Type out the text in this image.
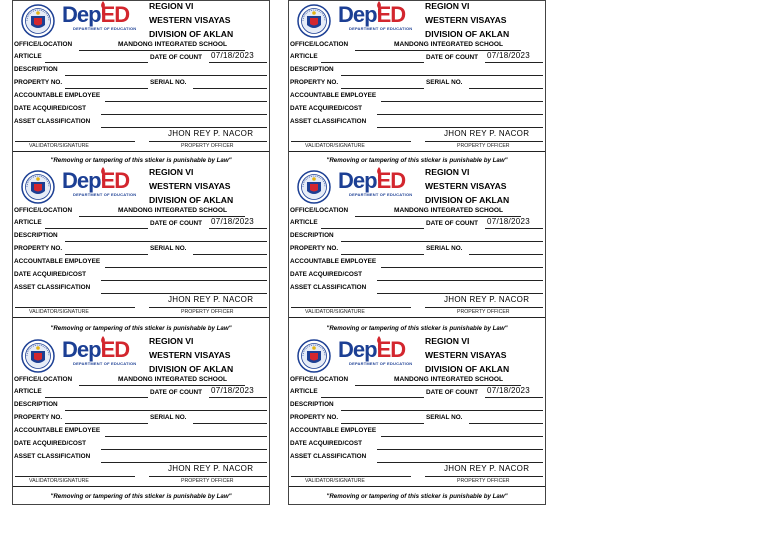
DepED
DEPARTMENT OF EDUCATION
REGION VI
WESTERN VISAYAS
DIVISION OF AKLAN
OFFICE/LOCATION	MANDONG INTEGRATED SCHOOL
ARTICLE	DATE OF COUNT 07/18/2023
DESCRIPTION
PROPERTY NO.	SERIAL NO.
ACCOUNTABLE EMPLOYEE
DATE ACQUIRED/COST
ASSET CLASSIFICATION
JHON REY P. NACOR
VALIDATOR/SIGNATURE	PROPERTY OFFICER
"Removing or tampering of this sticker is punishable by Law"
DepED
DEPARTMENT OF EDUCATION
REGION VI
WESTERN VISAYAS
DIVISION OF AKLAN
OFFICE/LOCATION	MANDONG INTEGRATED SCHOOL
ARTICLE	DATE OF COUNT 07/18/2023
DESCRIPTION
PROPERTY NO.	SERIAL NO.
ACCOUNTABLE EMPLOYEE
DATE ACQUIRED/COST
ASSET CLASSIFICATION
JHON REY P. NACOR
VALIDATOR/SIGNATURE	PROPERTY OFFICER
"Removing or tampering of this sticker is punishable by Law"
DepED
DEPARTMENT OF EDUCATION
REGION VI
WESTERN VISAYAS
DIVISION OF AKLAN
OFFICE/LOCATION	MANDONG INTEGRATED SCHOOL
ARTICLE	DATE OF COUNT 07/18/2023
DESCRIPTION
PROPERTY NO.	SERIAL NO.
ACCOUNTABLE EMPLOYEE
DATE ACQUIRED/COST
ASSET CLASSIFICATION
JHON REY P. NACOR
VALIDATOR/SIGNATURE	PROPERTY OFFICER
"Removing or tampering of this sticker is punishable by Law"
DepED
DEPARTMENT OF EDUCATION
REGION VI
WESTERN VISAYAS
DIVISION OF AKLAN
OFFICE/LOCATION	MANDONG INTEGRATED SCHOOL
ARTICLE	DATE OF COUNT 07/18/2023
DESCRIPTION
PROPERTY NO.	SERIAL NO.
ACCOUNTABLE EMPLOYEE
DATE ACQUIRED/COST
ASSET CLASSIFICATION
JHON REY P. NACOR
VALIDATOR/SIGNATURE	PROPERTY OFFICER
"Removing or tampering of this sticker is punishable by Law"
DepED
DEPARTMENT OF EDUCATION
REGION VI
WESTERN VISAYAS
DIVISION OF AKLAN
OFFICE/LOCATION	MANDONG INTEGRATED SCHOOL
ARTICLE	DATE OF COUNT 07/18/2023
DESCRIPTION
PROPERTY NO.	SERIAL NO.
ACCOUNTABLE EMPLOYEE
DATE ACQUIRED/COST
ASSET CLASSIFICATION
JHON REY P. NACOR
VALIDATOR/SIGNATURE	PROPERTY OFFICER
"Removing or tampering of this sticker is punishable by Law"
DepED
DEPARTMENT OF EDUCATION
REGION VI
WESTERN VISAYAS
DIVISION OF AKLAN
OFFICE/LOCATION	MANDONG INTEGRATED SCHOOL
ARTICLE	DATE OF COUNT 07/18/2023
DESCRIPTION
PROPERTY NO.	SERIAL NO.
ACCOUNTABLE EMPLOYEE
DATE ACQUIRED/COST
ASSET CLASSIFICATION
JHON REY P. NACOR
VALIDATOR/SIGNATURE	PROPERTY OFFICER
"Removing or tampering of this sticker is punishable by Law"
